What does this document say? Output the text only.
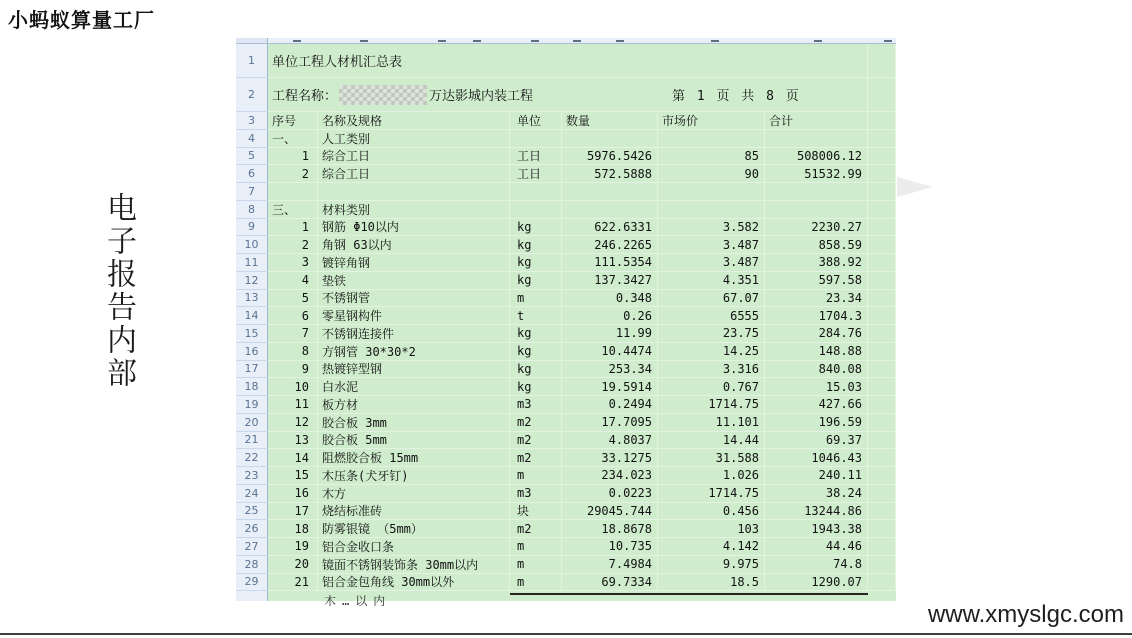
小蚂蚁算量工厂
电子报告内部
1	单位工程人材机汇总表
2	工程名称：	万达影城内装工程	第 1 页 共 8 页
3	序号	名称及规格	单位	数量	市场价	合计
4	一、	人工类别
5	1	综合工日	工日	5976.5426	85	508006.12
6	2	综合工日	工日	572.5888	90	51532.99
7
8	三、	材料类别
9	1	钢筋 Φ10以内	kg	622.6331	3.582	2230.27
10	2	角钢 63以内	kg	246.2265	3.487	858.59
11	3	镀锌角钢	kg	111.5354	3.487	388.92
12	4	垫铁	kg	137.3427	4.351	597.58
13	5	不锈钢管	m	0.348	67.07	23.34
14	6	零星钢构件	t	0.26	6555	1704.3
15	7	不锈钢连接件	kg	11.99	23.75	284.76
16	8	方钢管 30*30*2	kg	10.4474	14.25	148.88
17	9	热镀锌型钢	kg	253.34	3.316	840.08
18	10	白水泥	kg	19.5914	0.767	15.03
19	11	板方材	m3	0.2494	1714.75	427.66
20	12	胶合板 3mm	m2	17.7095	11.101	196.59
21	13	胶合板 5mm	m2	4.8037	14.44	69.37
22	14	阻燃胶合板 15mm	m2	33.1275	31.588	1046.43
23	15	木压条(犬牙钉)	m	234.023	1.026	240.11
24	16	木方	m3	0.0223	1714.75	38.24
25	17	烧结标准砖	块	29045.744	0.456	13244.86
26	18	防雾银镜 （5mm）	m2	18.8678	103	1943.38
27	19	铝合金收口条	m	10.735	4.142	44.46
28	20	镜面不锈钢装饰条 30mm以内	m	7.4984	9.975	74.8
29	21	铝合金包角线 30mm以外	m	69.7334	18.5	1290.07
木…以内	www.xmyslgc.com
